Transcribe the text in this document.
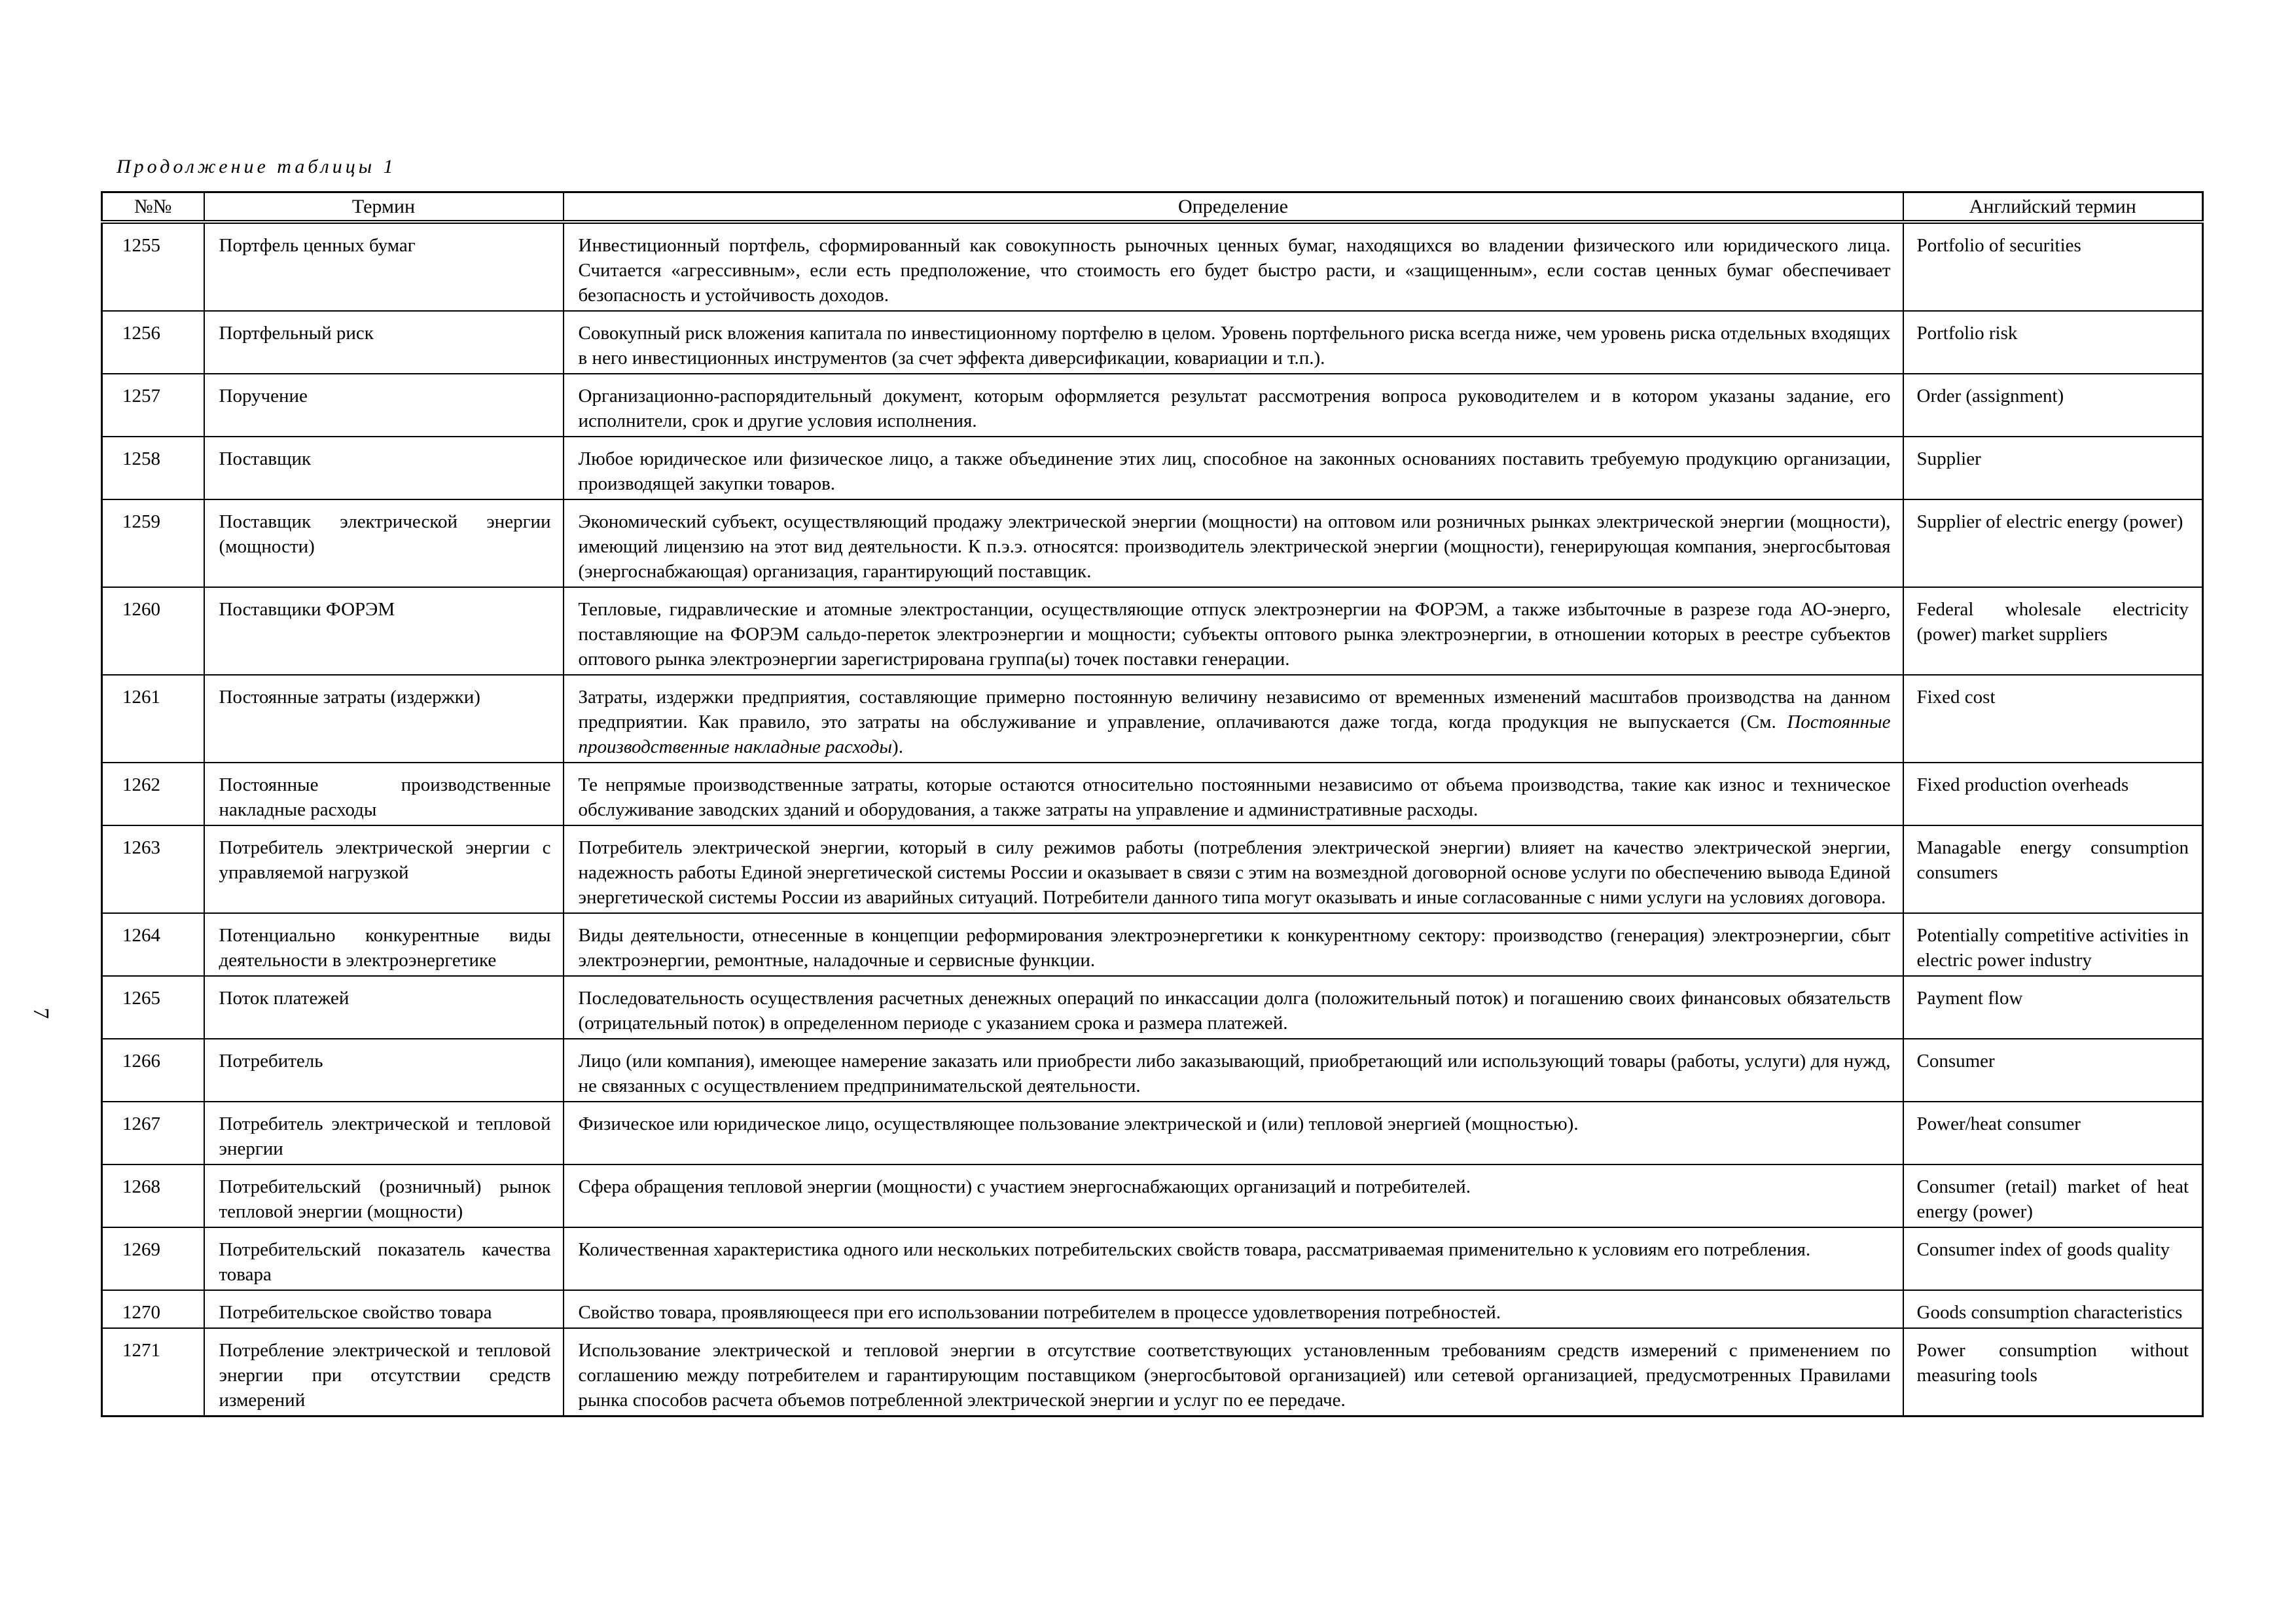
Продолжение таблицы 1
7
№№	Термин	Определение	Английский термин
1255	Портфель ценных бумаг	Инвестиционный портфель, сформированный как совокупность рыночных ценных бумаг, находящихся во владении физического или юридического лица. Считается «агрессивным», если есть предположение, что стоимость его будет быстро расти, и «защищенным», если состав ценных бумаг обеспечивает безопасность и устойчивость доходов.	Portfolio of securities
1256	Портфельный риск	Совокупный риск вложения капитала по инвестиционному портфелю в целом. Уровень портфельного риска всегда ниже, чем уровень риска отдельных входящих в него инвестиционных инструментов (за счет эффекта диверсификации, ковариации и т.п.).	Portfolio risk
1257	Поручение	Организационно-распорядительный документ, которым оформляется результат рассмотрения вопроса руководителем и в котором указаны задание, его исполнители, срок и другие условия исполнения.	Order (assignment)
1258	Поставщик	Любое юридическое или физическое лицо, а также объединение этих лиц, способное на законных основаниях поставить требуемую продукцию организации, производящей закупки товаров.	Supplier
1259	Поставщик электрической энергии (мощности)	Экономический субъект, осуществляющий продажу электрической энергии (мощности) на оптовом или розничных рынках электрической энергии (мощности), имеющий лицензию на этот вид деятельности. К п.э.э. относятся: производитель электрической энергии (мощности), генерирующая компания, энергосбытовая (энергоснабжающая) организация, гарантирующий поставщик.	Supplier of electric energy (power)
1260	Поставщики ФОРЭМ	Тепловые, гидравлические и атомные электростанции, осуществляющие отпуск электроэнергии на ФОРЭМ, а также избыточные в разрезе года АО-энерго, поставляющие на ФОРЭМ сальдо-переток электроэнергии и мощности; субъекты оптового рынка электроэнергии, в отношении которых в реестре субъектов оптового рынка электроэнергии зарегистрирована группа(ы) точек поставки генерации.	Federal wholesale electricity (power) market suppliers
1261	Постоянные затраты (издержки)	Затраты, издержки предприятия, составляющие примерно постоянную величину независимо от временных изменений масштабов производства на данном предприятии. Как правило, это затраты на обслуживание и управление, оплачиваются даже тогда, когда продукция не выпускается (См. Постоянные производственные накладные расходы).	Fixed cost
1262	Постоянные производственные накладные расходы	Те непрямые производственные затраты, которые остаются относительно постоянными независимо от объема производства, такие как износ и техническое обслуживание заводских зданий и оборудования, а также затраты на управление и административные расходы.	Fixed production overheads
1263	Потребитель электрической энергии с управляемой нагрузкой	Потребитель электрической энергии, который в силу режимов работы (потребления электрической энергии) влияет на качество электрической энергии, надежность работы Единой энергетической системы России и оказывает в связи с этим на возмездной договорной основе услуги по обеспечению вывода Единой энергетической системы России из аварийных ситуаций. Потребители данного типа могут оказывать и иные согласованные с ними услуги на условиях договора.	Managable energy consumption consumers
1264	Потенциально конкурентные виды деятельности в электроэнергетике	Виды деятельности, отнесенные в концепции реформирования электроэнергетики к конкурентному сектору: производство (генерация) электроэнергии, сбыт электроэнергии, ремонтные, наладочные и сервисные функции.	Potentially competitive activities in electric power industry
1265	Поток платежей	Последовательность осуществления расчетных денежных операций по инкассации долга (положительный поток) и погашению своих финансовых обязательств (отрицательный поток) в определенном периоде с указанием срока и размера платежей.	Payment flow
1266	Потребитель	Лицо (или компания), имеющее намерение заказать или приобрести либо заказывающий, приобретающий или использующий товары (работы, услуги) для нужд, не связанных с осуществлением предпринимательской деятельности.	Consumer
1267	Потребитель электрической и тепловой энергии	Физическое или юридическое лицо, осуществляющее пользование электрической и (или) тепловой энергией (мощностью).	Power/heat consumer
1268	Потребительский (розничный) рынок тепловой энергии (мощности)	Сфера обращения тепловой энергии (мощности) с участием энергоснабжающих организаций и потребителей.	Consumer (retail) market of heat energy (power)
1269	Потребительский показатель качества товара	Количественная характеристика одного или нескольких потребительских свойств товара, рассматриваемая применительно к условиям его потребления.	Consumer index of goods quality
1270	Потребительское свойство товара	Свойство товара, проявляющееся при его использовании потребителем в процессе удовлетворения потребностей.	Goods consumption characteristics
1271	Потребление электрической и тепловой энергии при отсутствии средств измерений	Использование электрической и тепловой энергии в отсутствие соответствующих установленным требованиям средств измерений с применением по соглашению между потребителем и гарантирующим поставщиком (энергосбытовой организацией) или сетевой организацией, предусмотренных Правилами рынка способов расчета объемов потребленной электрической энергии и услуг по ее передаче.	Power consumption without measuring tools
